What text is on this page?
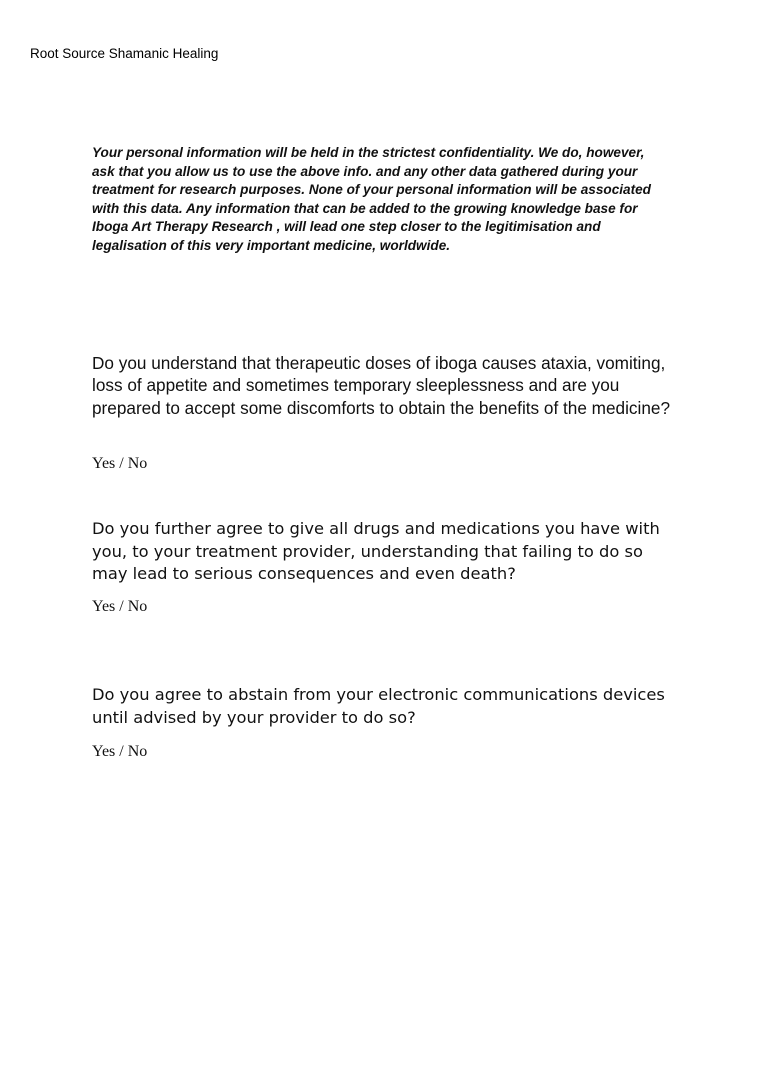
Root Source Shamanic Healing
Your personal information will be held in the strictest confidentiality. We do, however, ask that you allow us to use the above info. and any other data gathered during your treatment for research purposes. None of your personal information will be associated with this data. Any information that can be added to the growing knowledge base for Iboga Art Therapy Research , will lead one step closer to the legitimisation and legalisation of this very important medicine, worldwide.
Do you understand that therapeutic doses of iboga causes ataxia, vomiting, loss of appetite and sometimes temporary sleeplessness and are you prepared to accept some discomforts to obtain the benefits of the medicine?
Yes / No
Do you further agree to give all drugs and medications you have with you, to your treatment provider, understanding that failing to do so may lead to serious consequences and even death?
Yes / No
Do you agree to abstain from your electronic communications devices until advised by your provider to do so?
Yes / No
